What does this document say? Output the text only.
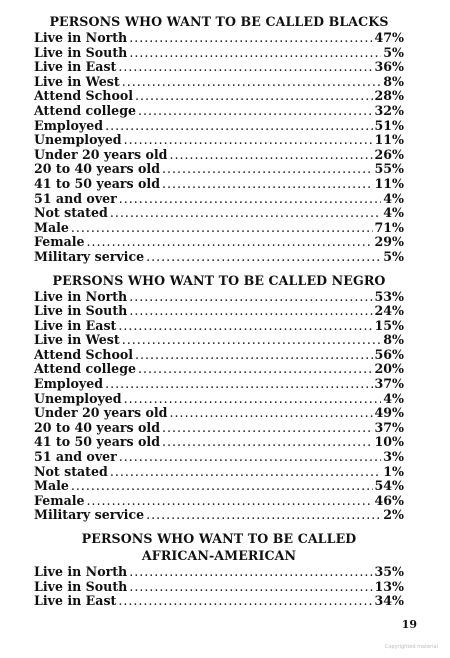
PERSONS WHO WANT TO BE CALLED BLACKS
Live in North .....	47%
Live in South .....	5%
Live in East .....	36%
Live in West .....	8%
Attend School .....	28%
Attend college .....	32%
Employed .....	51%
Unemployed .....	11%
Under 20 years old .....	26%
20 to 40 years old .....	55%
41 to 50 years old .....	11%
51 and over .....	4%
Not stated .....	4%
Male .....	71%
Female .....	29%
Military service .....	5%
PERSONS WHO WANT TO BE CALLED NEGRO
Live in North .....	53%
Live in South .....	24%
Live in East .....	15%
Live in West .....	8%
Attend School .....	56%
Attend college .....	20%
Employed .....	37%
Unemployed .....	4%
Under 20 years old .....	49%
20 to 40 years old .....	37%
41 to 50 years old .....	10%
51 and over .....	3%
Not stated .....	1%
Male .....	54%
Female .....	46%
Military service .....	2%
PERSONS WHO WANT TO BE CALLED
AFRICAN-AMERICAN
Live in North .....	35%
Live in South .....	13%
Live in East .....	34%
19
Copyrighted material
